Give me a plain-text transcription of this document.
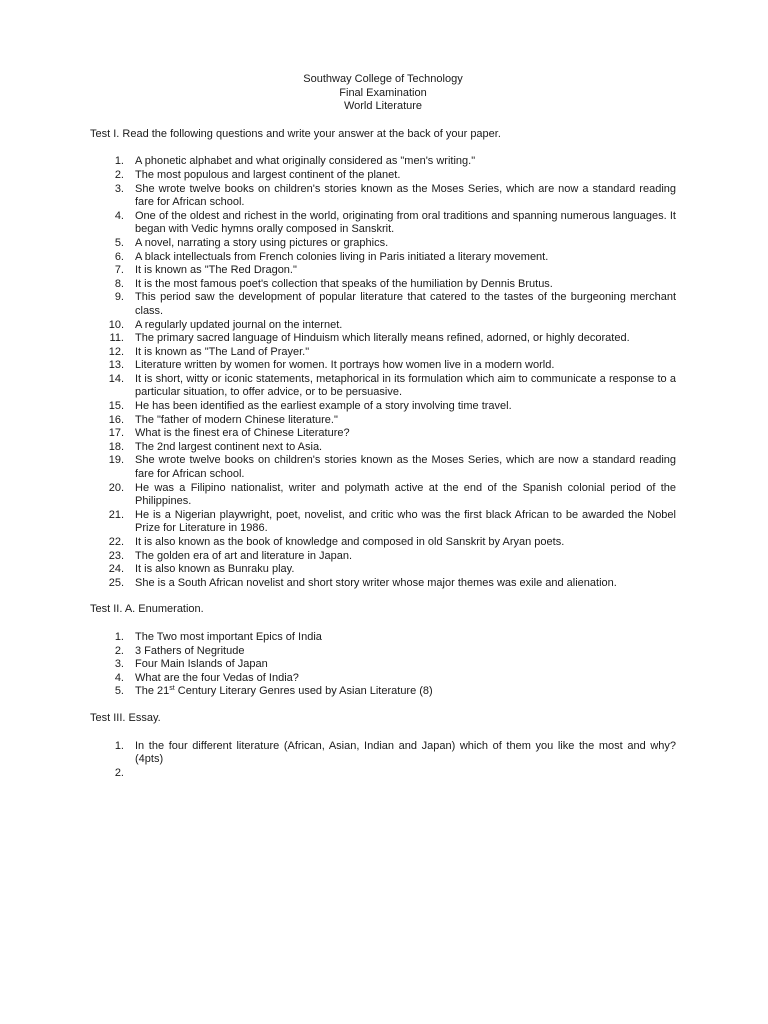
Southway College of Technology
Final Examination
World Literature
Test I. Read the following questions and write your answer at the back of your paper.
1. A phonetic alphabet and what originally considered as "men's writing."
2. The most populous and largest continent of the planet.
3. She wrote twelve books on children's stories known as the Moses Series, which are now a standard reading fare for African school.
4. One of the oldest and richest in the world, originating from oral traditions and spanning numerous languages. It began with Vedic hymns orally composed in Sanskrit.
5. A novel, narrating a story using pictures or graphics.
6. A black intellectuals from French colonies living in Paris initiated a literary movement.
7. It is known as "The Red Dragon."
8. It is the most famous poet's collection that speaks of the humiliation by Dennis Brutus.
9. This period saw the development of popular literature that catered to the tastes of the burgeoning merchant class.
10. A regularly updated journal on the internet.
11. The primary sacred language of Hinduism which literally means refined, adorned, or highly decorated.
12. It is known as "The Land of Prayer."
13. Literature written by women for women. It portrays how women live in a modern world.
14. It is short, witty or iconic statements, metaphorical in its formulation which aim to communicate a response to a particular situation, to offer advice, or to be persuasive.
15. He has been identified as the earliest example of a story involving time travel.
16. The "father of modern Chinese literature."
17. What is the finest era of Chinese Literature?
18. The 2nd largest continent next to Asia.
19. She wrote twelve books on children's stories known as the Moses Series, which are now a standard reading fare for African school.
20. He was a Filipino nationalist, writer and polymath active at the end of the Spanish colonial period of the Philippines.
21. He is a Nigerian playwright, poet, novelist, and critic who was the first black African to be awarded the Nobel Prize for Literature in 1986.
22. It is also known as the book of knowledge and composed in old Sanskrit by Aryan poets.
23. The golden era of art and literature in Japan.
24. It is also known as Bunraku play.
25. She is a South African novelist and short story writer whose major themes was exile and alienation.
Test II. A. Enumeration.
1. The Two most important Epics of India
2. 3 Fathers of Negritude
3. Four Main Islands of Japan
4. What are the four Vedas of India?
5. The 21st Century Literary Genres used by Asian Literature (8)
Test III. Essay.
1. In the four different literature (African, Asian, Indian and Japan) which of them you like the most and why? (4pts)
2.
